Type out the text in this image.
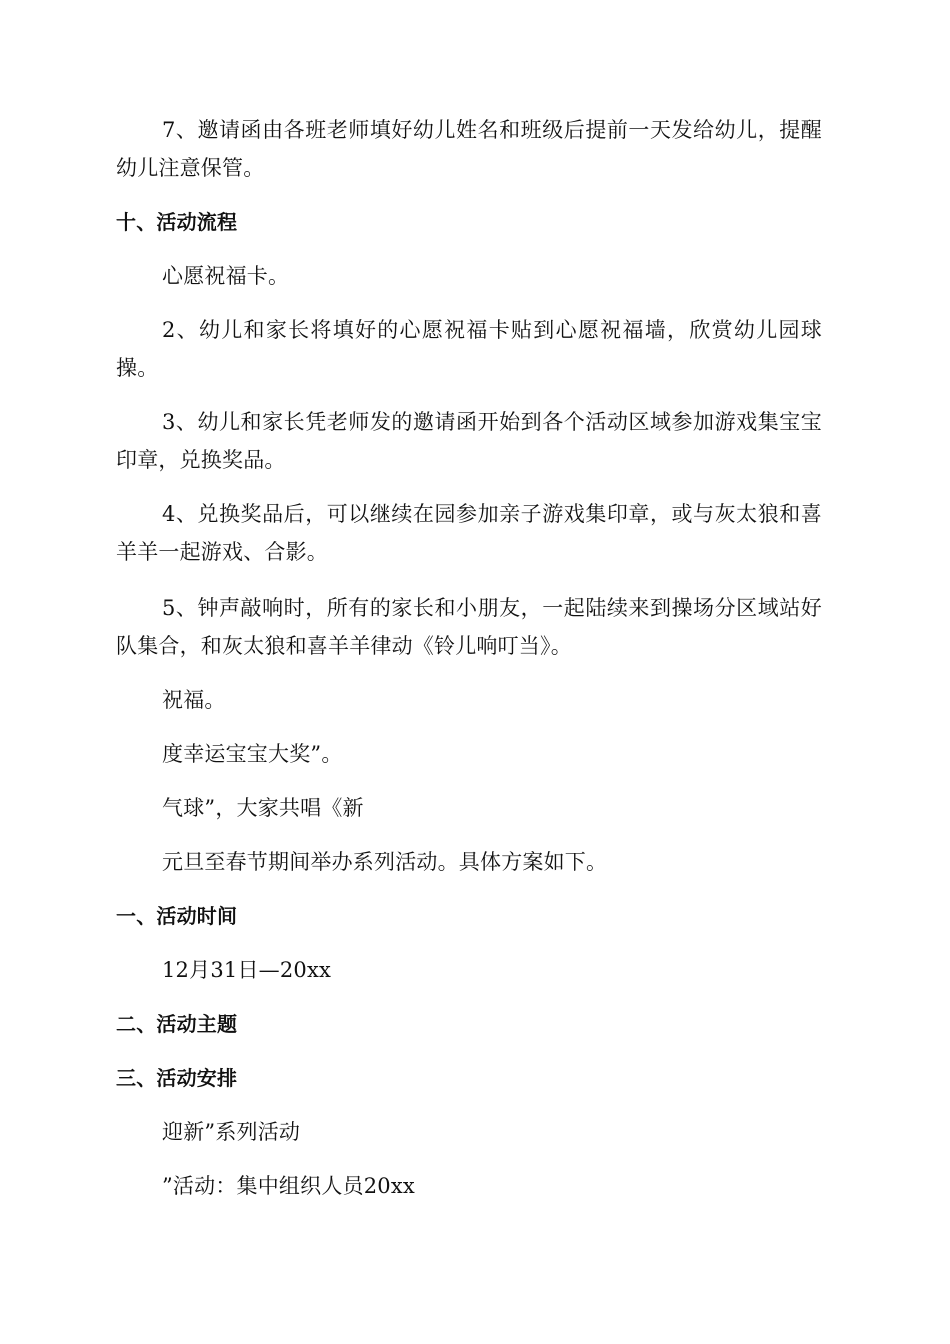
7、邀请函由各班老师填好幼儿姓名和班级后提前一天发给幼儿，提醒幼儿注意保管。

十、活动流程

心愿祝福卡。

2、幼儿和家长将填好的心愿祝福卡贴到心愿祝福墙，欣赏幼儿园球操。

3、幼儿和家长凭老师发的邀请函开始到各个活动区域参加游戏集宝宝印章，兑换奖品。

4、兑换奖品后，可以继续在园参加亲子游戏集印章，或与灰太狼和喜羊羊一起游戏、合影。

5、钟声敲响时，所有的家长和小朋友，一起陆续来到操场分区域站好队集合，和灰太狼和喜羊羊律动《铃儿响叮当》。

祝福。

度幸运宝宝大奖”。

气球”，大家共唱《新

元旦至春节期间举办系列活动。具体方案如下。

一、活动时间

12月31日—20xx

二、活动主题

三、活动安排

迎新”系列活动

”活动：集中组织人员20xx
